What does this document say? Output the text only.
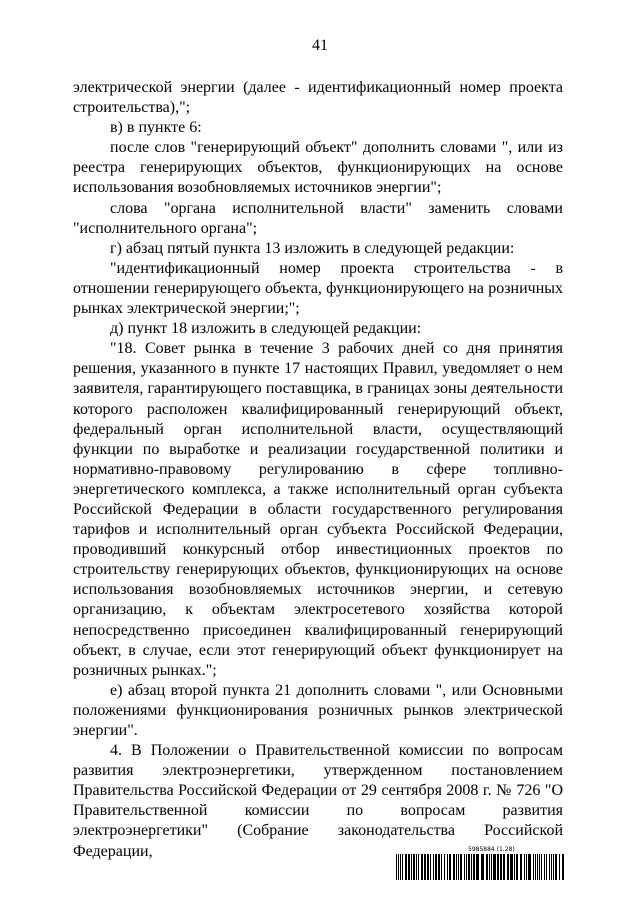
41

электрической энергии (далее - идентификационный номер проекта строительства),";

в) в пункте 6:

после слов "генерирующий объект" дополнить словами ", или из реестра генерирующих объектов, функционирующих на основе использования возобновляемых источников энергии";

слова "органа исполнительной власти" заменить словами "исполнительного органа";

г) абзац пятый пункта 13 изложить в следующей редакции:

"идентификационный номер проекта строительства - в отношении генерирующего объекта, функционирующего на розничных рынках электрической энергии;";

д) пункт 18 изложить в следующей редакции:

"18. Совет рынка в течение 3 рабочих дней со дня принятия решения, указанного в пункте 17 настоящих Правил, уведомляет о нем заявителя, гарантирующего поставщика, в границах зоны деятельности которого расположен квалифицированный генерирующий объект, федеральный орган исполнительной власти, осуществляющий функции по выработке и реализации государственной политики и нормативно-правовому регулированию в сфере топливно-энергетического комплекса, а также исполнительный орган субъекта Российской Федерации в области государственного регулирования тарифов и исполнительный орган субъекта Российской Федерации, проводивший конкурсный отбор инвестиционных проектов по строительству генерирующих объектов, функционирующих на основе использования возобновляемых источников энергии, и сетевую организацию, к объектам электросетевого хозяйства которой непосредственно присоединен квалифицированный генерирующий объект, в случае, если этот генерирующий объект функционирует на розничных рынках.";

е) абзац второй пункта 21 дополнить словами ", или Основными положениями функционирования розничных рынков электрической энергии".

4. В Положении о Правительственной комиссии по вопросам развития электроэнергетики, утвержденном постановлением Правительства Российской Федерации от 29 сентября 2008 г. № 726 "О Правительственной комиссии по вопросам развития электроэнергетики" (Собрание законодательства Российской Федерации,	5985884 (1.28)
